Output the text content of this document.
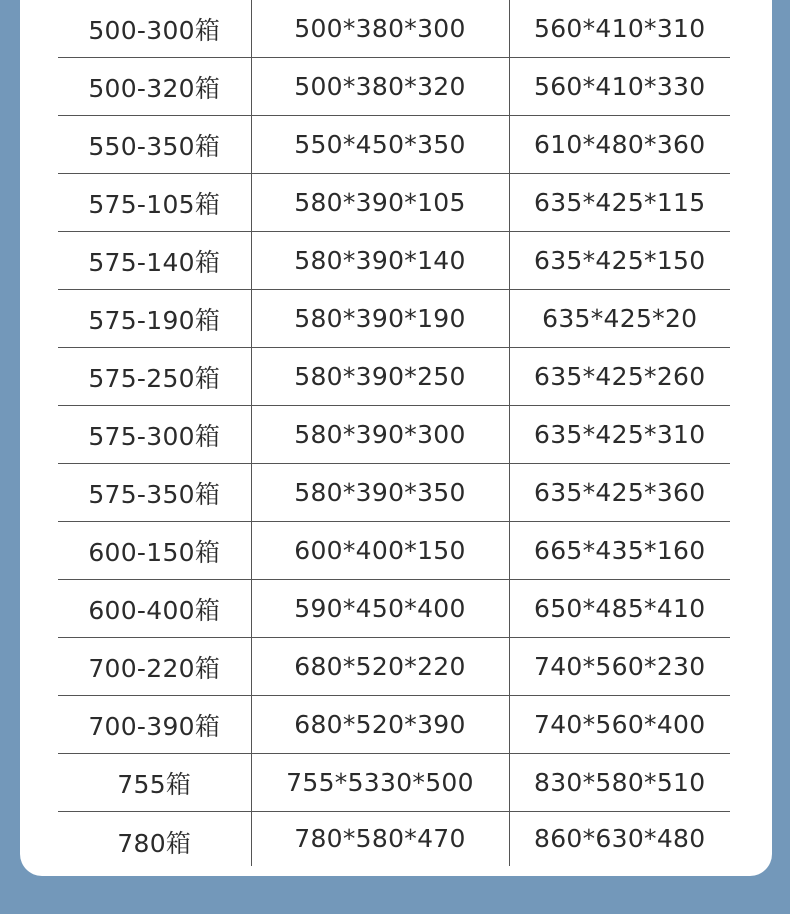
500-300箱	500*380*300	560*410*310
500-320箱	500*380*320	560*410*330
550-350箱	550*450*350	610*480*360
575-105箱	580*390*105	635*425*115
575-140箱	580*390*140	635*425*150
575-190箱	580*390*190	635*425*20
575-250箱	580*390*250	635*425*260
575-300箱	580*390*300	635*425*310
575-350箱	580*390*350	635*425*360
600-150箱	600*400*150	665*435*160
600-400箱	590*450*400	650*485*410
700-220箱	680*520*220	740*560*230
700-390箱	680*520*390	740*560*400
755箱	755*5330*500	830*580*510
780箱	780*580*470	860*630*480
